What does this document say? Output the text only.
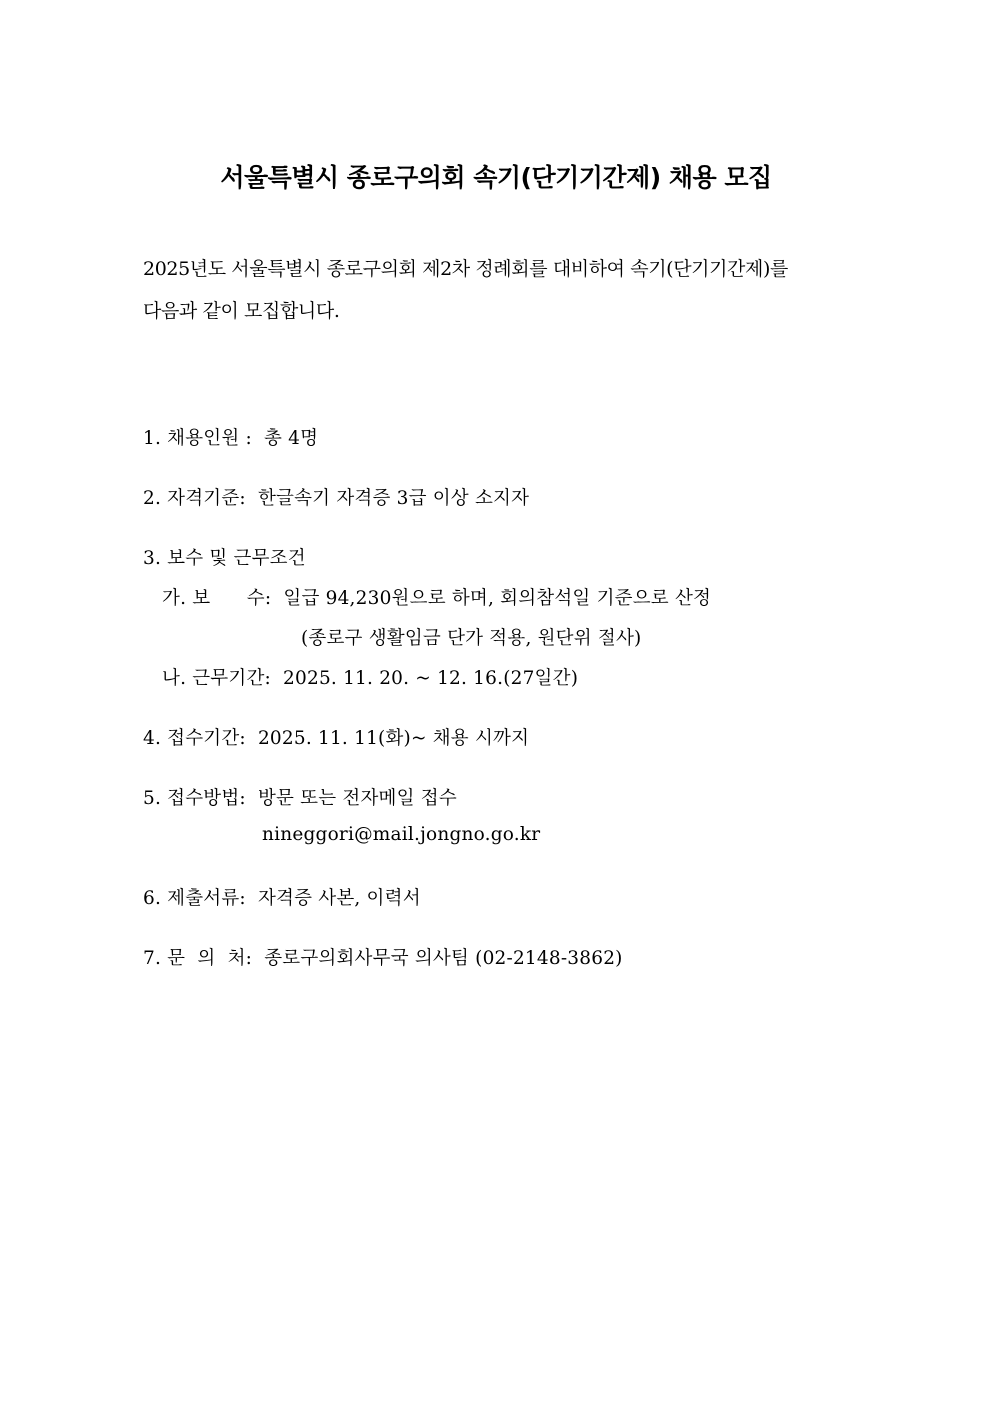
서울특별시 종로구의회 속기(단기기간제) 채용 모집
2025년도 서울특별시 종로구의회 제2차 정례회를 대비하여 속기(단기기간제)를
다음과 같이 모집합니다.
1. 채용인원 : 총 4명
2. 자격기준: 한글속기 자격증 3급 이상 소지자
3. 보수 및 근무조건
가. 보      수: 일급 94,230원으로 하며, 회의참석일 기준으로 산정
(종로구 생활임금 단가 적용, 원단위 절사)
나. 근무기간: 2025. 11. 20. ~ 12. 16.(27일간)
4. 접수기간: 2025. 11. 11(화)~ 채용 시까지
5. 접수방법: 방문 또는 전자메일 접수
nineggori@mail.jongno.go.kr
6. 제출서류: 자격증 사본, 이력서
7. 문  의  처: 종로구의회사무국 의사팀 (02-2148-3862)
